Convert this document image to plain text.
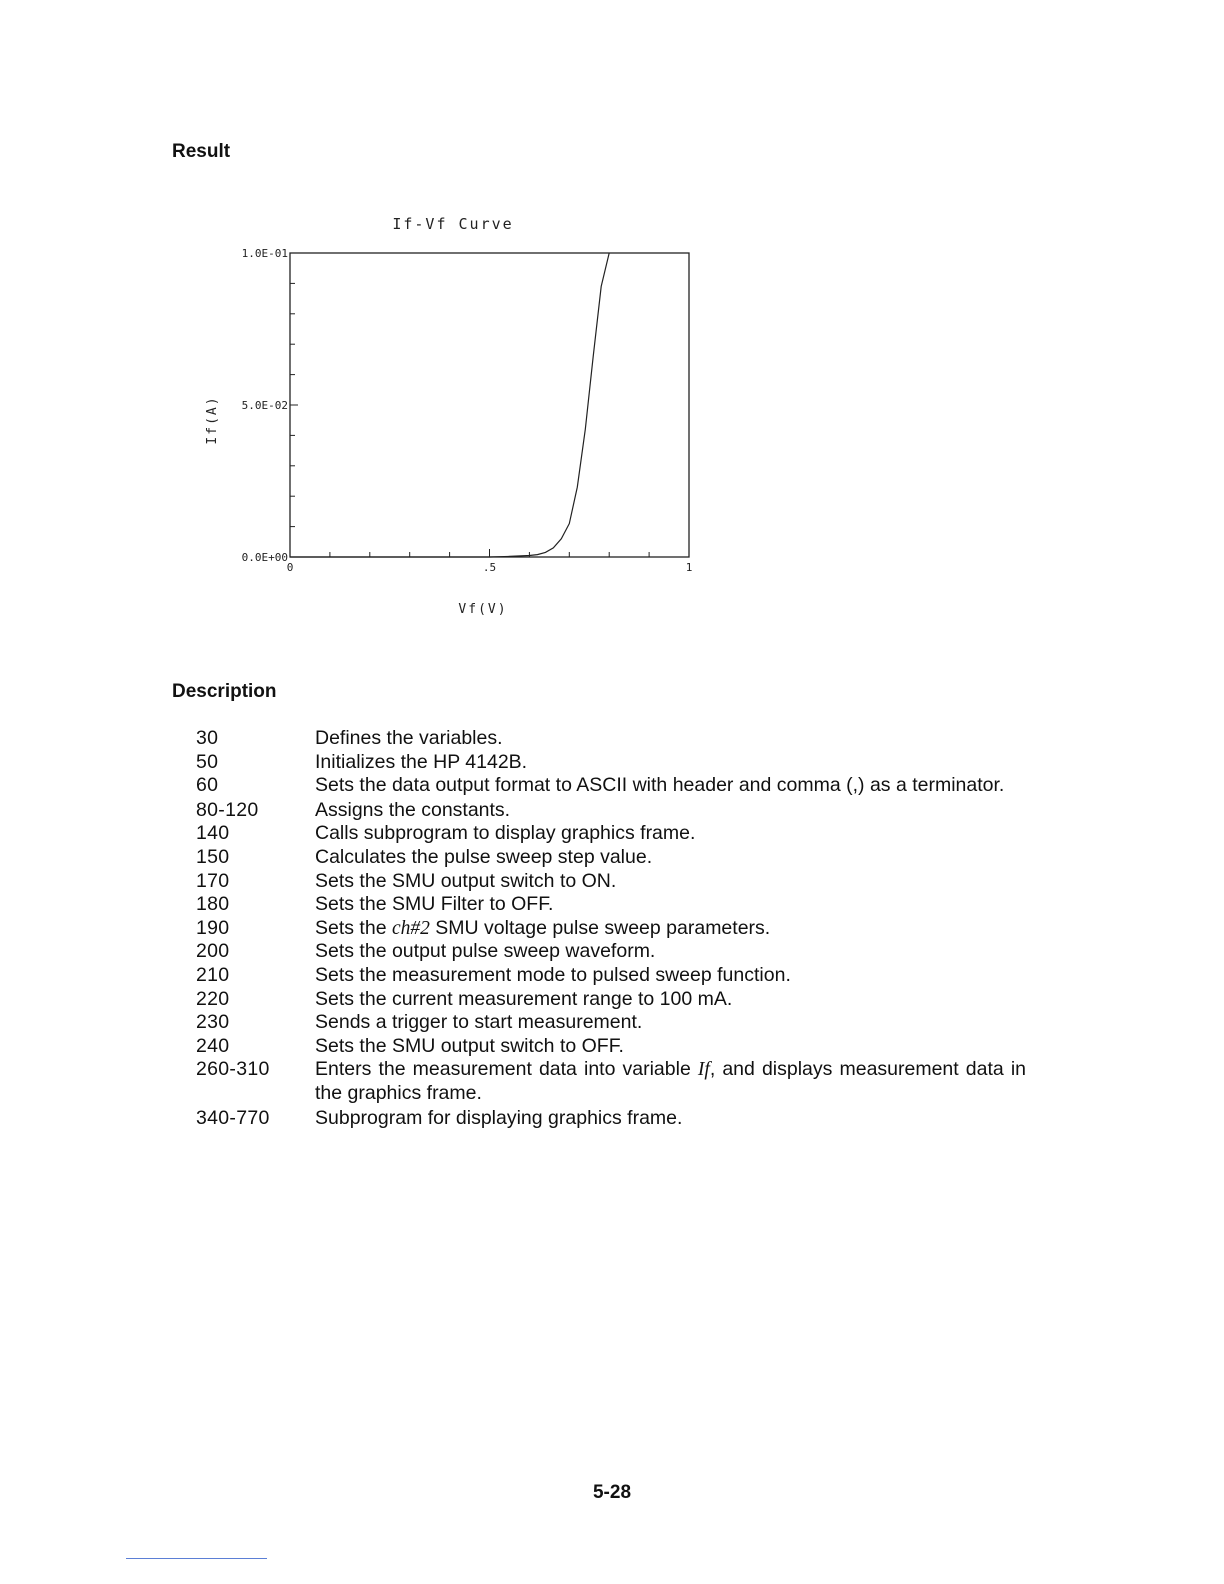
Result
If-Vf Curve
0.0E+00
5.0E-02
1.0E-01
0	.5	1
If(A)
Vf(V)
Description
30	Defines the variables.
50	Initializes the HP 4142B.
60	Sets the data output format to ASCII with header and comma (,) as a terminator.
80-120	Assigns the constants.
140	Calls subprogram to display graphics frame.
150	Calculates the pulse sweep step value.
170	Sets the SMU output switch to ON.
180	Sets the SMU Filter to OFF.
190	Sets the ch#2 SMU voltage pulse sweep parameters.
200	Sets the output pulse sweep waveform.
210	Sets the measurement mode to pulsed sweep function.
220	Sets the current measurement range to 100 mA.
230	Sends a trigger to start measurement.
240	Sets the SMU output switch to OFF.
260-310	Enters the measurement data into variable If, and displays measurement data in the graphics frame.
340-770	Subprogram for displaying graphics frame.
5-28
